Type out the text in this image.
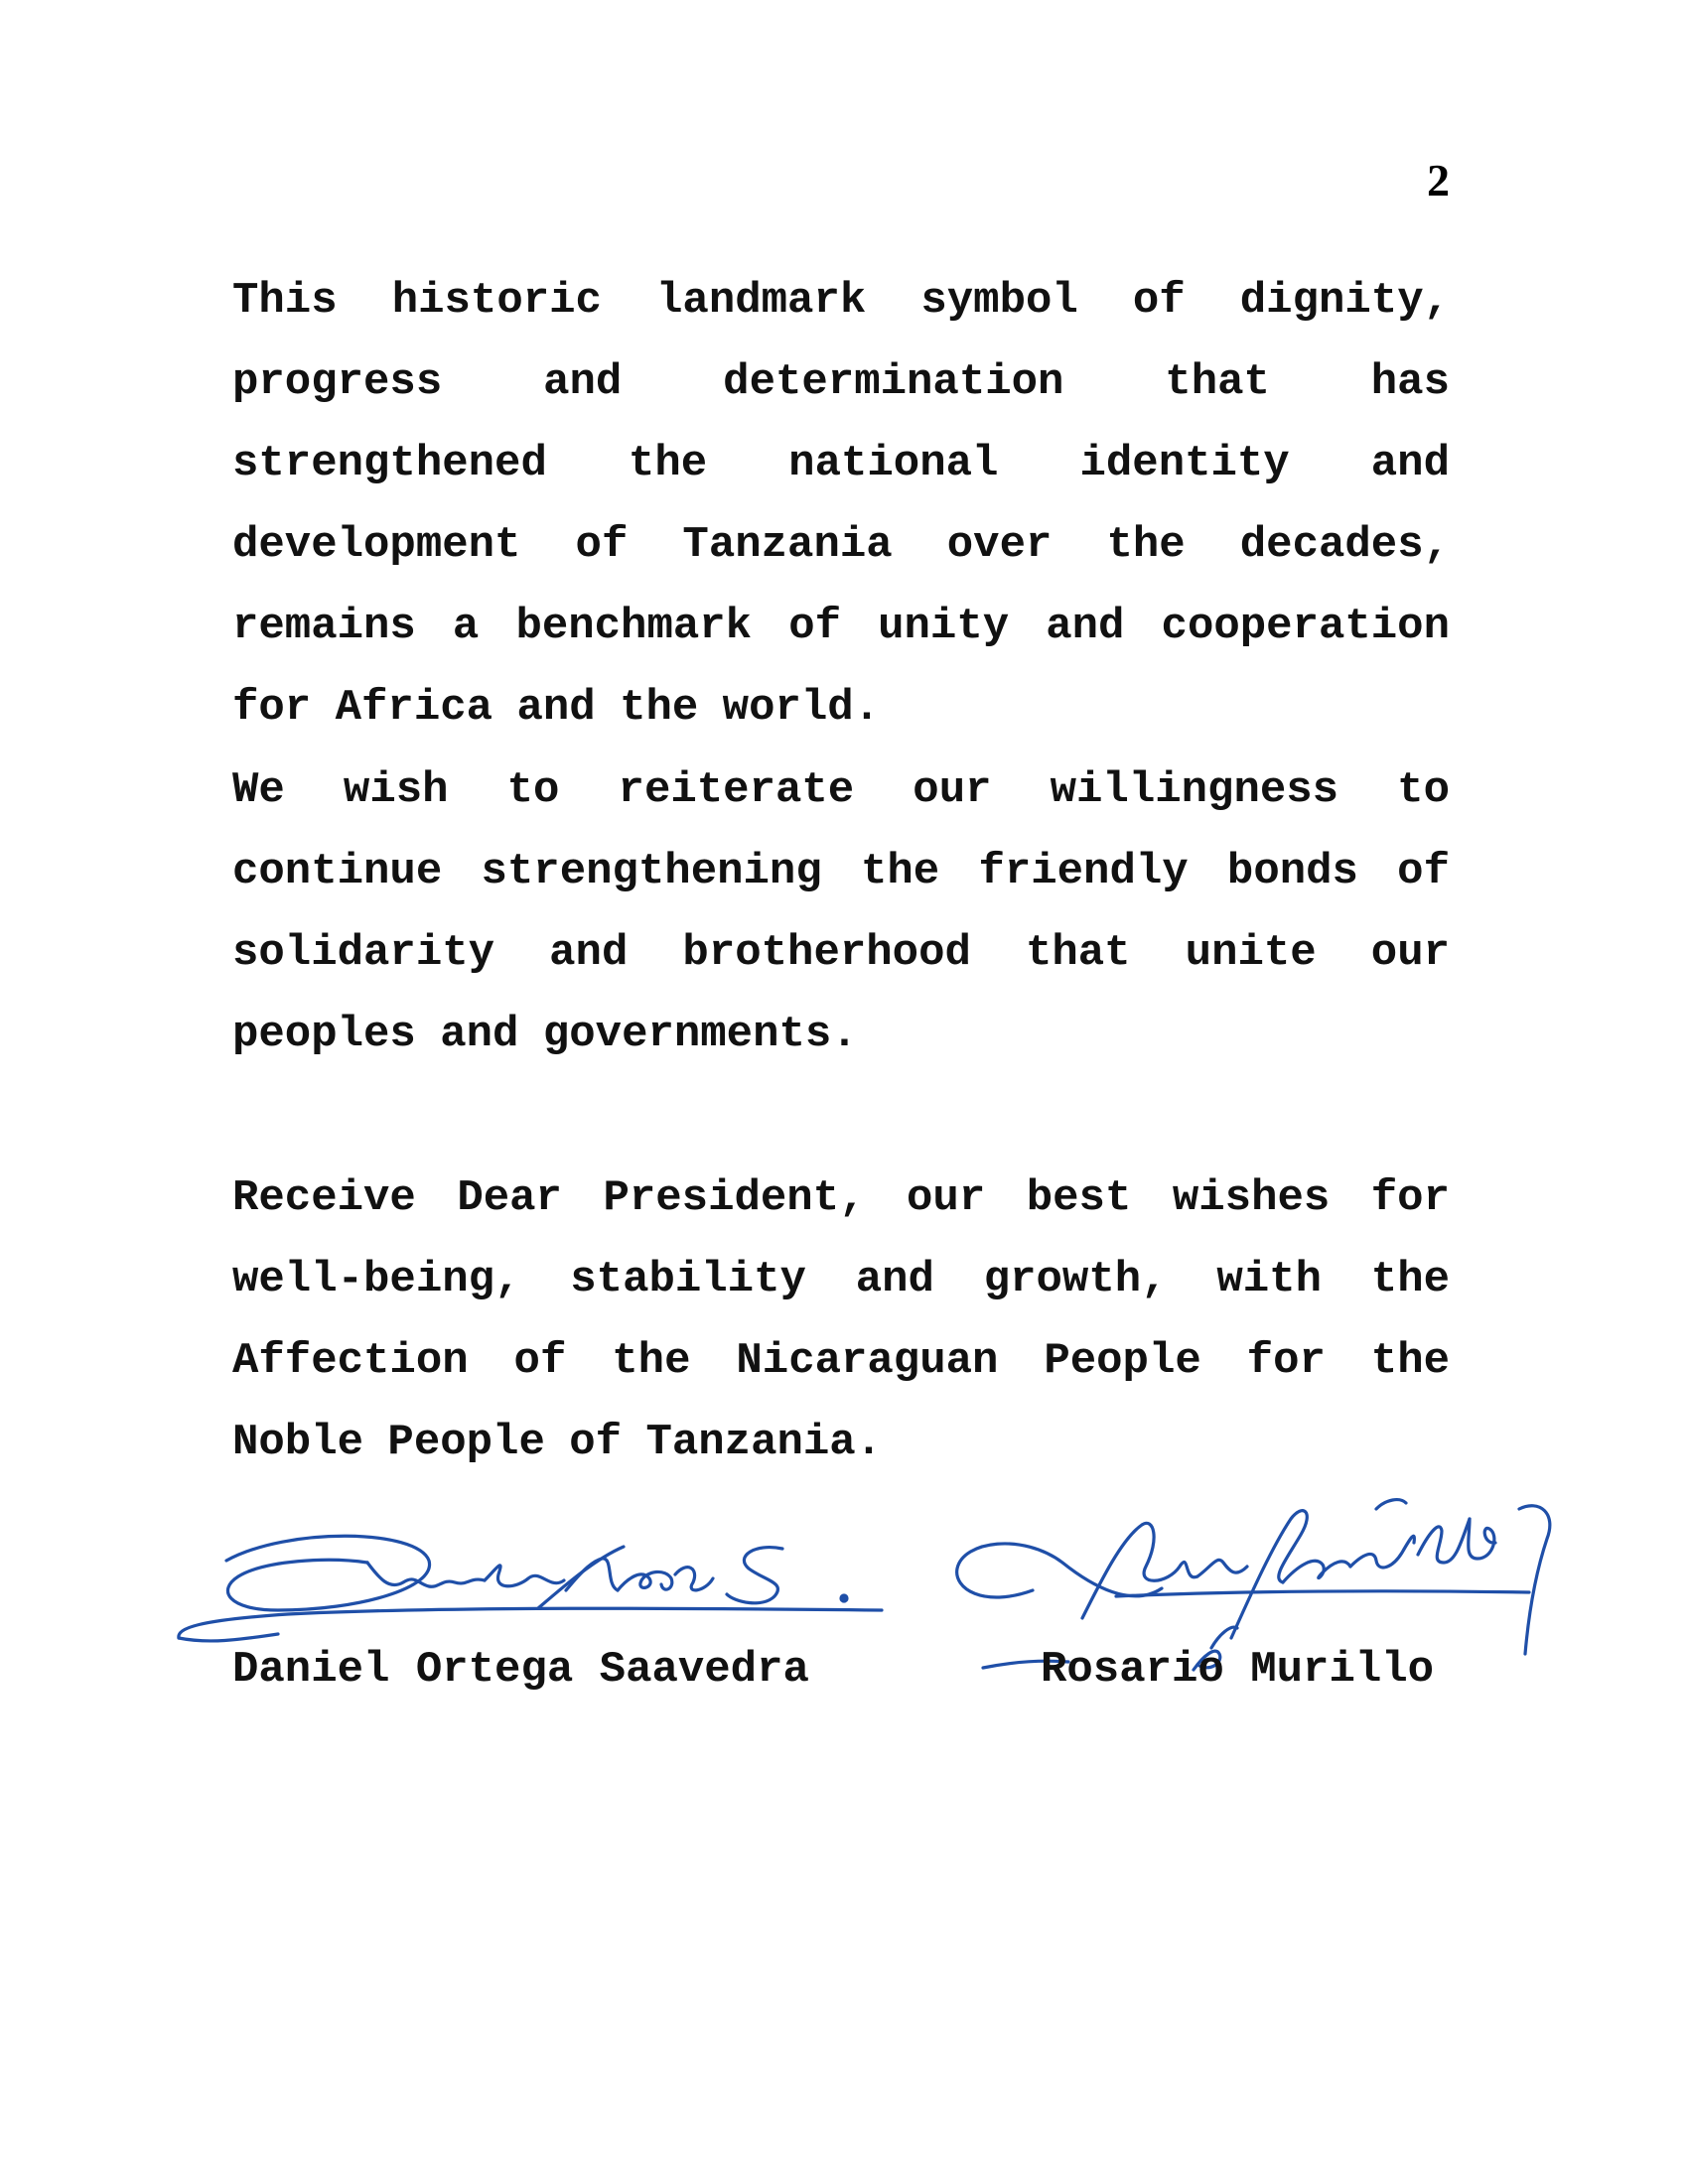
2

This historic landmark symbol of dignity, progress and determination that has strengthened the national identity and development of Tanzania over the decades, remains a benchmark of unity and cooperation for Africa and the world.

We wish to reiterate our willingness to continue strengthening the friendly bonds of solidarity and brotherhood that unite our peoples and governments.

Receive Dear President, our best wishes for well-being, stability and growth, with the Affection of the Nicaraguan People for the Noble People of Tanzania.

Daniel Ortega Saavedra	Rosario Murillo
